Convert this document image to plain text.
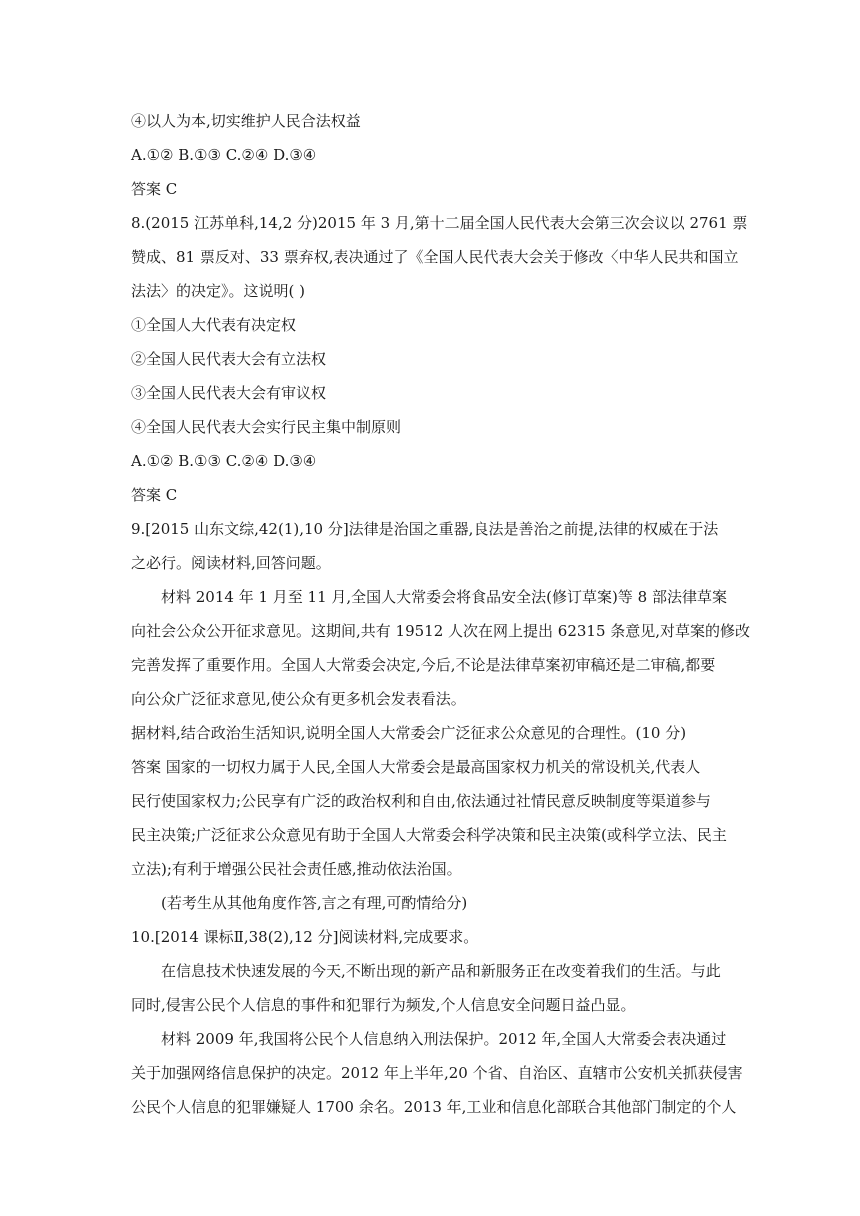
④以人为本,切实维护人民合法权益
A.①② B.①③ C.②④ D.③④
答案 C
8.(2015 江苏单科,14,2 分)2015 年 3 月,第十二届全国人民代表大会第三次会议以 2761 票
赞成、81 票反对、33 票弃权,表决通过了《全国人民代表大会关于修改〈中华人民共和国立
法法〉的决定》。这说明( )
①全国人大代表有决定权
②全国人民代表大会有立法权
③全国人民代表大会有审议权
④全国人民代表大会实行民主集中制原则
A.①② B.①③ C.②④ D.③④
答案 C
9.[2015 山东文综,42(1),10 分]法律是治国之重器,良法是善治之前提,法律的权威在于法
之必行。阅读材料,回答问题。
材料 2014 年 1 月至 11 月,全国人大常委会将食品安全法(修订草案)等 8 部法律草案
向社会公众公开征求意见。这期间,共有 19512 人次在网上提出 62315 条意见,对草案的修改
完善发挥了重要作用。全国人大常委会决定,今后,不论是法律草案初审稿还是二审稿,都要
向公众广泛征求意见,使公众有更多机会发表看法。
据材料,结合政治生活知识,说明全国人大常委会广泛征求公众意见的合理性。(10 分)
答案 国家的一切权力属于人民,全国人大常委会是最高国家权力机关的常设机关,代表人
民行使国家权力;公民享有广泛的政治权利和自由,依法通过社情民意反映制度等渠道参与
民主决策;广泛征求公众意见有助于全国人大常委会科学决策和民主决策(或科学立法、民主
立法);有利于增强公民社会责任感,推动依法治国。
(若考生从其他角度作答,言之有理,可酌情给分)
10.[2014 课标Ⅱ,38(2),12 分]阅读材料,完成要求。
在信息技术快速发展的今天,不断出现的新产品和新服务正在改变着我们的生活。与此
同时,侵害公民个人信息的事件和犯罪行为频发,个人信息安全问题日益凸显。
材料 2009 年,我国将公民个人信息纳入刑法保护。2012 年,全国人大常委会表决通过
关于加强网络信息保护的决定。2012 年上半年,20 个省、自治区、直辖市公安机关抓获侵害
公民个人信息的犯罪嫌疑人 1700 余名。2013 年,工业和信息化部联合其他部门制定的个人
